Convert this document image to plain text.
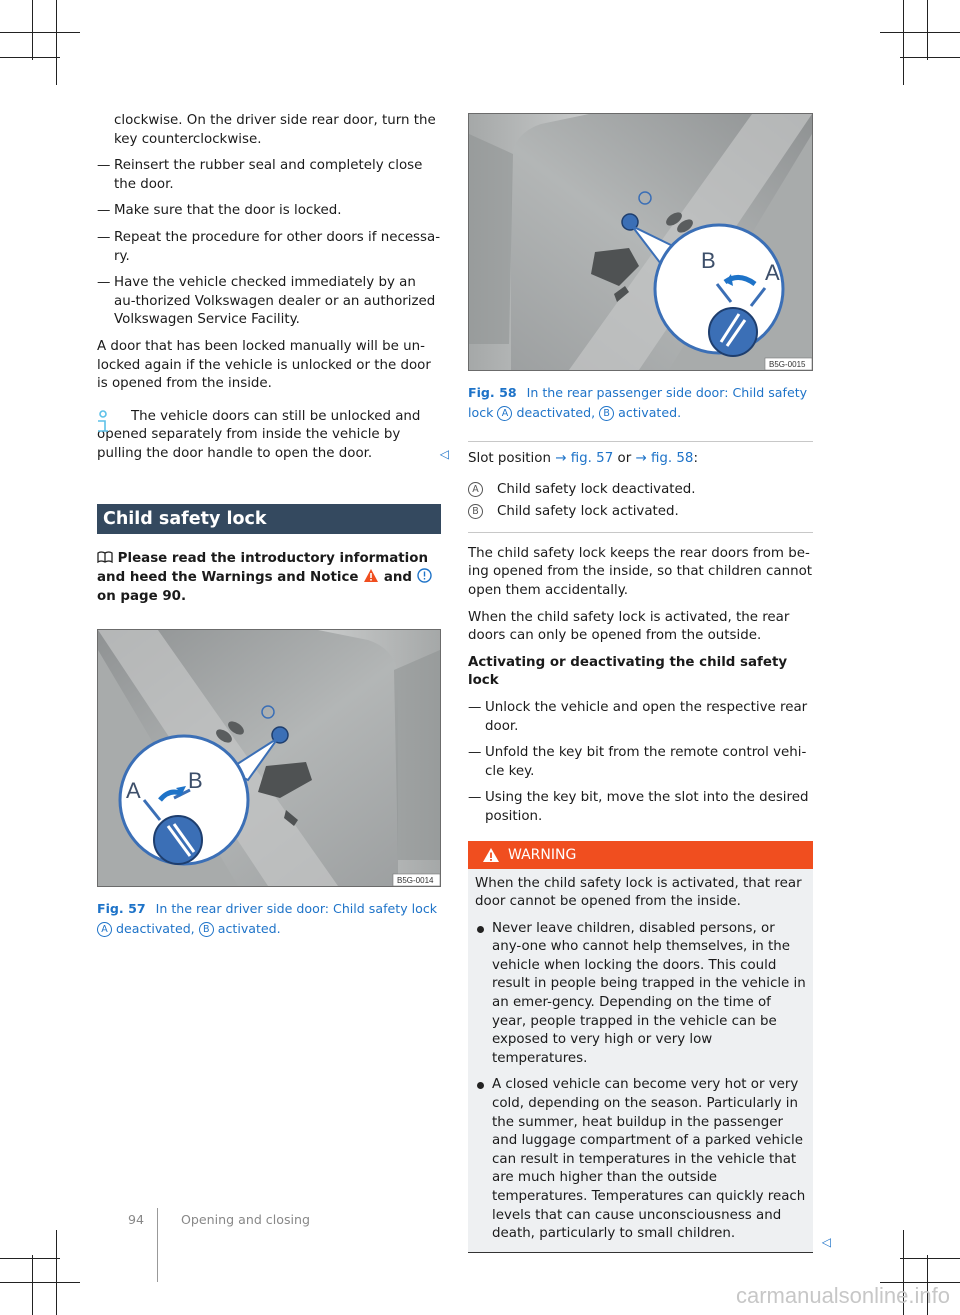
clockwise. On the driver side rear door, turn the key counterclockwise.

— Reinsert the rubber seal and completely close the door.
— Make sure that the door is locked.
— Repeat the procedure for other doors if necessa-ry.
— Have the vehicle checked immediately by an au-thorized Volkswagen dealer or an authorized Volkswagen Service Facility.

A door that has been locked manually will be un-locked again if the vehicle is unlocked or the door is opened from the inside.

The vehicle doors can still be unlocked and opened separately from inside the vehicle by pulling the door handle to open the door.	◁
Child safety lock
Please read the introductory information and heed the Warnings and Notice and  on page 90.
A B
B5G-0014
Fig. 57 In the rear driver side door: Child safety lock A deactivated, B activated.
B A
B5G-0015
Fig. 58 In the rear passenger side door: Child safety lock A deactivated, B activated.
Slot position → fig. 57 or → fig. 58:
A Child safety lock deactivated.
B Child safety lock activated.

The child safety lock keeps the rear doors from be-ing opened from the inside, so that children cannot open them accidentally.

When the child safety lock is activated, the rear doors can only be opened from the outside.

Activating or deactivating the child safety lock

— Unlock the vehicle and open the respective rear door.
— Unfold the key bit from the remote control vehi-cle key.
— Using the key bit, move the slot into the desired position.
WARNING

When the child safety lock is activated, that rear door cannot be opened from the inside.

Never leave children, disabled persons, or any-one who cannot help themselves, in the vehicle when locking the doors. This could result in people being trapped in the vehicle in an emer-gency. Depending on the time of year, people trapped in the vehicle can be exposed to very high or very low temperatures.
A closed vehicle can become very hot or very cold, depending on the season. Particularly in the summer, heat buildup in the passenger and luggage compartment of a parked vehicle can result in temperatures in the vehicle that are much higher than the outside temperatures. Temperatures can quickly reach levels that can cause unconsciousness and death, particularly to small children.
◁
94	Opening and closing
carmanualsonline.info
